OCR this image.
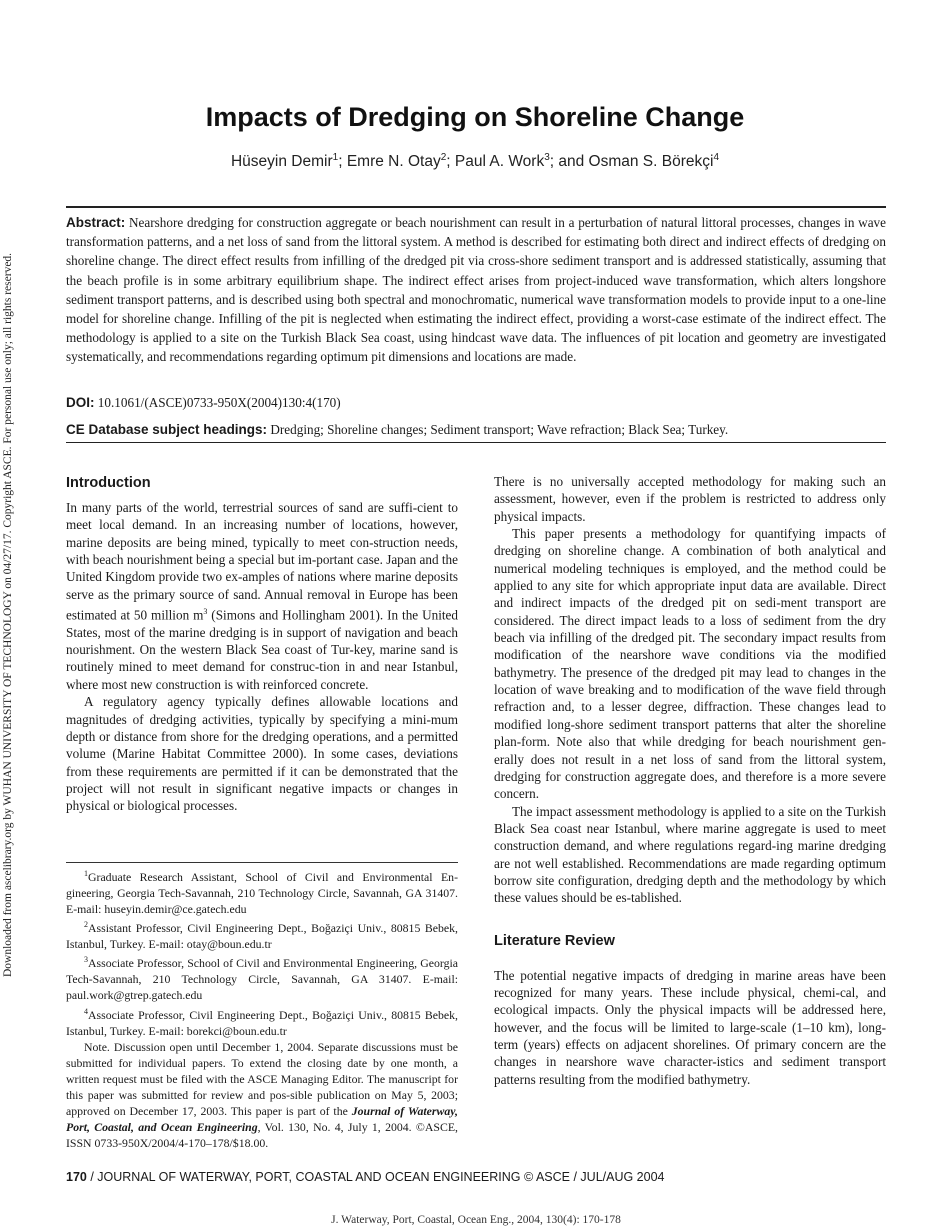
Downloaded from ascelibrary.org by WUHAN UNIVERSITY OF TECHNOLOGY on 04/27/17. Copyright ASCE. For personal use only; all rights reserved.
Impacts of Dredging on Shoreline Change
Hüseyin Demir$^1$; Emre N. Otay$^2$; Paul A. Work$^3$; and Osman S. Börekçi$^4$
Abstract: Nearshore dredging for construction aggregate or beach nourishment can result in a perturbation of natural littoral processes, changes in wave transformation patterns, and a net loss of sand from the littoral system. A method is described for estimating both direct and indirect effects of dredging on shoreline change. The direct effect results from infilling of the dredged pit via cross-shore sediment transport and is addressed statistically, assuming that the beach profile is in some arbitrary equilibrium shape. The indirect effect arises from project-induced wave transformation, which alters longshore sediment transport patterns, and is described using both spectral and monochromatic, numerical wave transformation models to provide input to a one-line model for shoreline change. Infilling of the pit is neglected when estimating the indirect effect, providing a worst-case estimate of the indirect effect. The methodology is applied to a site on the Turkish Black Sea coast, using hindcast wave data. The influences of pit location and geometry are investigated systematically, and recommendations regarding optimum pit dimensions and locations are made.
DOI: 10.1061/(ASCE)0733-950X(2004)130:4(170)
CE Database subject headings: Dredging; Shoreline changes; Sediment transport; Wave refraction; Black Sea; Turkey.
Introduction

In many parts of the world, terrestrial sources of sand are suffi-cient to meet local demand. In an increasing number of locations, however, marine deposits are being mined, typically to meet con-struction needs, with beach nourishment being a special but im-portant case. Japan and the United Kingdom provide two ex-amples of nations where marine deposits serve as the primary source of sand. Annual removal in Europe has been estimated at 50 million $m^3$ (Simons and Hollingham 2001). In the United States, most of the marine dredging is in support of navigation and beach nourishment. On the western Black Sea coast of Tur-key, marine sand is routinely mined to meet demand for construc-tion in and near Istanbul, where most new construction is with reinforced concrete.

A regulatory agency typically defines allowable locations and magnitudes of dredging activities, typically by specifying a mini-mum depth or distance from shore for the dredging operations, and a permitted volume (Marine Habitat Committee 2000). In some cases, deviations from these requirements are permitted if it can be demonstrated that the project will not result in significant negative impacts or changes in physical or biological processes.

$^1$Graduate Research Assistant, School of Civil and Environmental En-gineering, Georgia Tech-Savannah, 210 Technology Circle, Savannah, GA 31407. E-mail: huseyin.demir@ce.gatech.edu

$^2$Assistant Professor, Civil Engineering Dept., Boğaziçi Univ., 80815 Bebek, Istanbul, Turkey. E-mail: otay@boun.edu.tr

$^3$Associate Professor, School of Civil and Environmental Engineering, Georgia Tech-Savannah, 210 Technology Circle, Savannah, GA 31407. E-mail: paul.work@gtrep.gatech.edu

$^4$Associate Professor, Civil Engineering Dept., Boğaziçi Univ., 80815 Bebek, Istanbul, Turkey. E-mail: borekci@boun.edu.tr

Note. Discussion open until December 1, 2004. Separate discussions must be submitted for individual papers. To extend the closing date by one month, a written request must be filed with the ASCE Managing Editor. The manuscript for this paper was submitted for review and pos-sible publication on May 5, 2003; approved on December 17, 2003. This paper is part of the Journal of Waterway, Port, Coastal, and Ocean Engineering, Vol. 130, No. 4, July 1, 2004. ©ASCE, ISSN 0733-950X/2004/4-170–178/$18.00.

There is no universally accepted methodology for making such an assessment, however, even if the problem is restricted to address only physical impacts.

This paper presents a methodology for quantifying impacts of dredging on shoreline change. A combination of both analytical and numerical modeling techniques is employed, and the method could be applied to any site for which appropriate input data are available. Direct and indirect impacts of the dredged pit on sedi-ment transport are considered. The direct impact leads to a loss of sediment from the dry beach via infilling of the dredged pit. The secondary impact results from modification of the nearshore wave conditions via the modified bathymetry. The presence of the dredged pit may lead to changes in the location of wave breaking and to modification of the wave field through refraction and, to a lesser degree, diffraction. These changes lead to modified long-shore sediment transport patterns that alter the shoreline plan-form. Note also that while dredging for beach nourishment gen-erally does not result in a net loss of sand from the littoral system, dredging for construction aggregate does, and therefore is a more severe concern.

The impact assessment methodology is applied to a site on the Turkish Black Sea coast near Istanbul, where marine aggregate is used to meet construction demand, and where regulations regard-ing marine dredging are not well established. Recommendations are made regarding optimum borrow site configuration, dredging depth and the methodology by which these values should be es-tablished.

Literature Review

The potential negative impacts of dredging in marine areas have been recognized for many years. These include physical, chemi-cal, and ecological impacts. Only the physical impacts will be addressed here, however, and the focus will be limited to large-scale (1–10 km), long-term (years) effects on adjacent shorelines. Of primary concern are the changes in nearshore wave character-istics and sediment transport patterns resulting from the modified bathymetry.

170 / JOURNAL OF WATERWAY, PORT, COASTAL AND OCEAN ENGINEERING © ASCE / JUL/AUG 2004
J. Waterway, Port, Coastal, Ocean Eng., 2004, 130(4): 170-178
